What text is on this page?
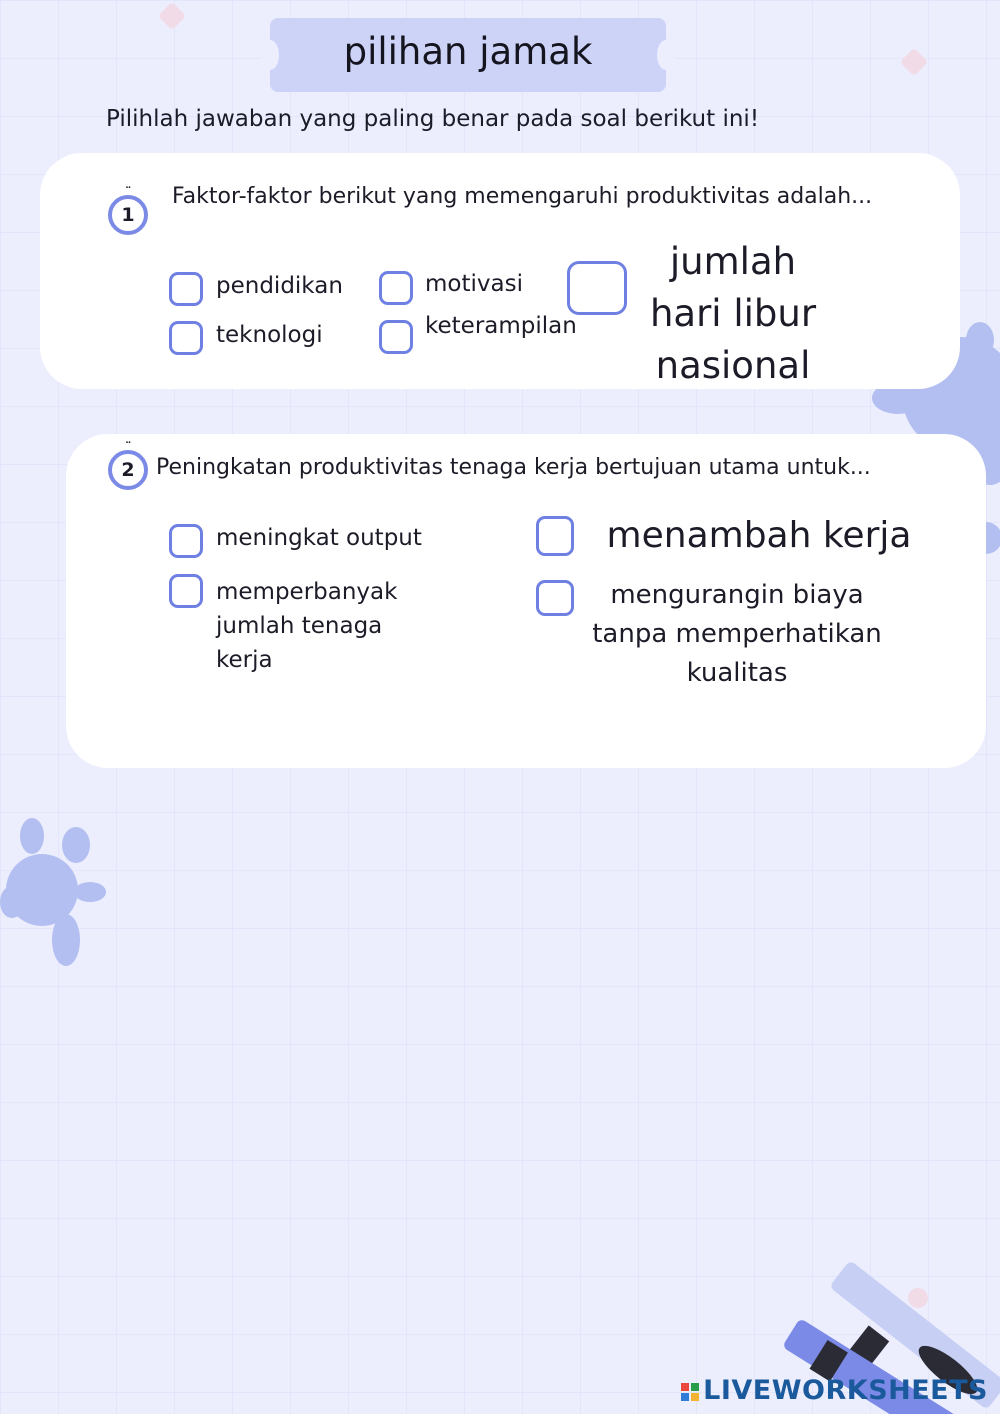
pilihan jamak
Pilihlah jawaban yang paling benar pada soal berikut ini!
¨
1
Faktor-faktor berikut yang memengaruhi produktivitas adalah...
pendidikan
teknologi
motivasi
keterampilan
jumlah hari libur nasional
¨
2 Peningkatan produktivitas tenaga kerja bertujuan utama untuk...
meningkat output
memperbanyak jumlah tenaga kerja
menambah kerja
mengurangin biaya tanpa memperhatikan kualitas
LIVEWORKSHEETS
